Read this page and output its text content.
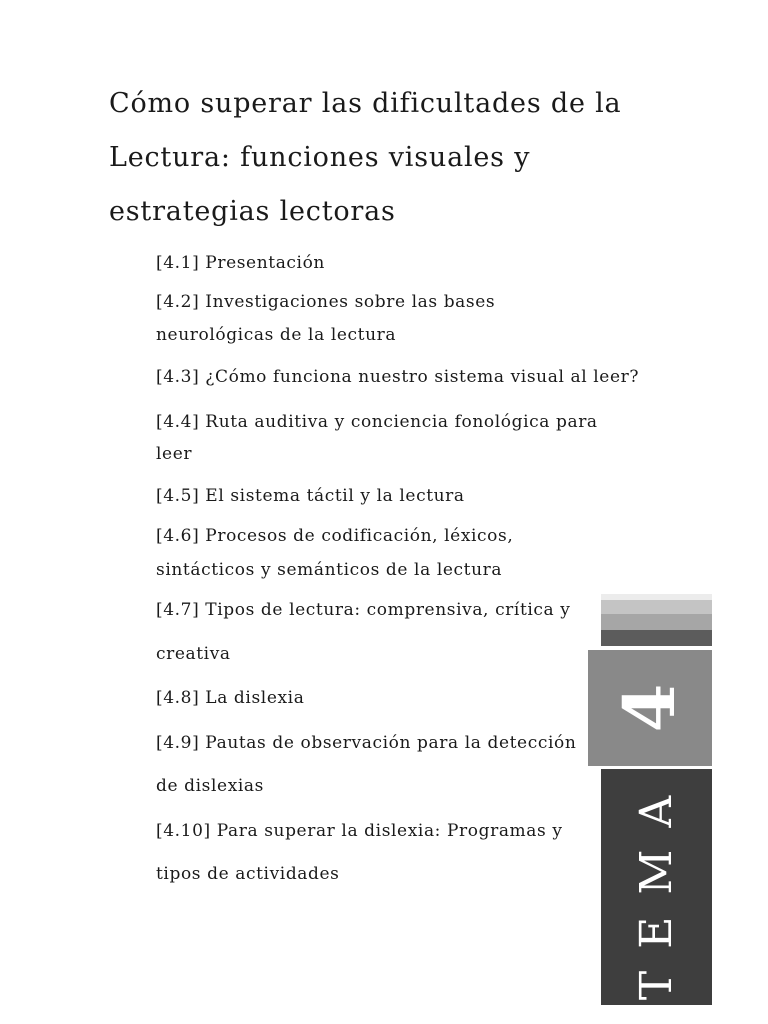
Cómo superar las dificultades de la
Lectura: funciones visuales y
estrategias lectoras
[4.1] Presentación
[4.2] Investigaciones sobre las bases
neurológicas de la lectura
[4.3] ¿Cómo funciona nuestro sistema visual al leer?
[4.4] Ruta auditiva y conciencia fonológica para
leer
[4.5] El sistema táctil y la lectura
[4.6] Procesos de codificación, léxicos,
sintácticos y semánticos de la lectura
[4.7] Tipos de lectura: comprensiva, crítica y
creativa
[4.8] La dislexia
[4.9] Pautas de observación para la detección
de dislexias
[4.10] Para superar la dislexia: Programas y
tipos de actividades
4
TEMA
